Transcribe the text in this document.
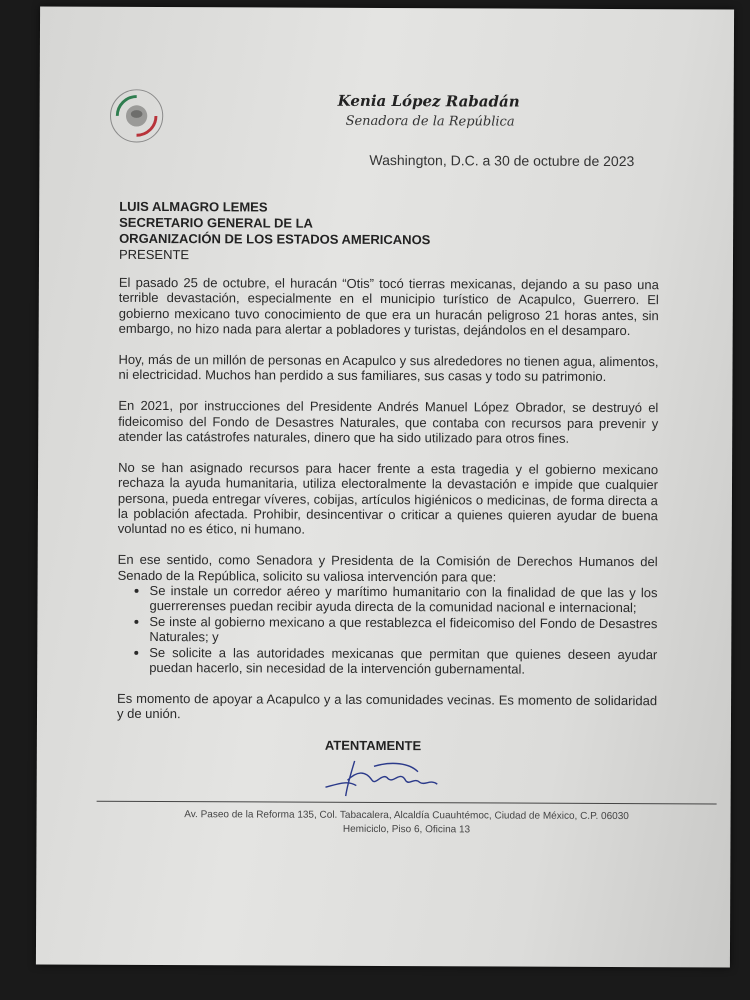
Kenia López Rabadán
Senadora de la República
Washington, D.C. a 30 de octubre de 2023
LUIS ALMAGRO LEMES
SECRETARIO GENERAL DE LA
ORGANIZACIÓN DE LOS ESTADOS AMERICANOS
PRESENTE

El pasado 25 de octubre, el huracán “Otis” tocó tierras mexicanas, dejando a su paso una terrible devastación, especialmente en el municipio turístico de Acapulco, Guerrero. El gobierno mexicano tuvo conocimiento de que era un huracán peligroso 21 horas antes, sin embargo, no hizo nada para alertar a pobladores y turistas, dejándolos en el desamparo.

Hoy, más de un millón de personas en Acapulco y sus alrededores no tienen agua, alimentos, ni electricidad. Muchos han perdido a sus familiares, sus casas y todo su patrimonio.

En 2021, por instrucciones del Presidente Andrés Manuel López Obrador, se destruyó el fideicomiso del Fondo de Desastres Naturales, que contaba con recursos para prevenir y atender las catástrofes naturales, dinero que ha sido utilizado para otros fines.

No se han asignado recursos para hacer frente a esta tragedia y el gobierno mexicano rechaza la ayuda humanitaria, utiliza electoralmente la devastación e impide que cualquier persona, pueda entregar víveres, cobijas, artículos higiénicos o medicinas, de forma directa a la población afectada. Prohibir, desincentivar o criticar a quienes quieren ayudar de buena voluntad no es ético, ni humano.

En ese sentido, como Senadora y Presidenta de la Comisión de Derechos Humanos del Senado de la República, solicito su valiosa intervención para que:

• Se instale un corredor aéreo y marítimo humanitario con la finalidad de que las y los guerrerenses puedan recibir ayuda directa de la comunidad nacional e internacional;
• Se inste al gobierno mexicano a que restablezca el fideicomiso del Fondo de Desastres Naturales; y
• Se solicite a las autoridades mexicanas que permitan que quienes deseen ayudar puedan hacerlo, sin necesidad de la intervención gubernamental.

Es momento de apoyar a Acapulco y a las comunidades vecinas. Es momento de solidaridad y de unión.

ATENTAMENTE
Av. Paseo de la Reforma 135, Col. Tabacalera, Alcaldía Cuauhtémoc, Ciudad de México, C.P. 06030
Hemiciclo, Piso 6, Oficina 13
